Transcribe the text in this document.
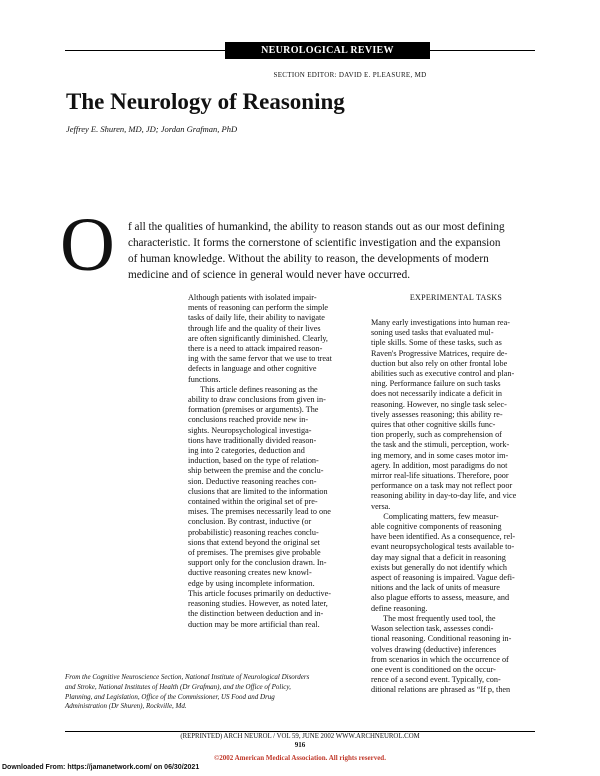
NEUROLOGICAL REVIEW
SECTION EDITOR: DAVID E. PLEASURE, MD
The Neurology of Reasoning
Jeffrey E. Shuren, MD, JD; Jordan Grafman, PhD
O f all the qualities of humankind, the ability to reason stands out as our most defining
characteristic. It forms the cornerstone of scientific investigation and the expansion
of human knowledge. Without the ability to reason, the developments of modern
medicine and of science in general would never have occurred.
Although patients with isolated impair-
ments of reasoning can perform the simple
tasks of daily life, their ability to navigate
through life and the quality of their lives
are often significantly diminished. Clearly,
there is a need to attack impaired reason-
ing with the same fervor that we use to treat
defects in language and other cognitive
functions.
This article defines reasoning as the
ability to draw conclusions from given in-
formation (premises or arguments). The
conclusions reached provide new in-
sights. Neuropsychological investiga-
tions have traditionally divided reason-
ing into 2 categories, deduction and
induction, based on the type of relation-
ship between the premise and the conclu-
sion. Deductive reasoning reaches con-
clusions that are limited to the information
contained within the original set of pre-
mises. The premises necessarily lead to one
conclusion. By contrast, inductive (or
probabilistic) reasoning reaches conclu-
sions that extend beyond the original set
of premises. The premises give probable
support only for the conclusion drawn. In-
ductive reasoning creates new knowl-
edge by using incomplete information.
This article focuses primarily on deductive-
reasoning studies. However, as noted later,
the distinction between deduction and in-
duction may be more artificial than real.
EXPERIMENTAL TASKS
Many early investigations into human rea-
soning used tasks that evaluated mul-
tiple skills. Some of these tasks, such as
Raven's Progressive Matrices, require de-
duction but also rely on other frontal lobe
abilities such as executive control and plan-
ning. Performance failure on such tasks
does not necessarily indicate a deficit in
reasoning. However, no single task selec-
tively assesses reasoning; this ability re-
quires that other cognitive skills func-
tion properly, such as comprehension of
the task and the stimuli, perception, work-
ing memory, and in some cases motor im-
agery. In addition, most paradigms do not
mirror real-life situations. Therefore, poor
performance on a task may not reflect poor
reasoning ability in day-to-day life, and vice
versa.
Complicating matters, few measur-
able cognitive components of reasoning
have been identified. As a consequence, rel-
evant neuropsychological tests available to-
day may signal that a deficit in reasoning
exists but generally do not identify which
aspect of reasoning is impaired. Vague defi-
nitions and the lack of units of measure
also plague efforts to assess, measure, and
define reasoning.
The most frequently used tool, the
Wason selection task, assesses condi-
tional reasoning. Conditional reasoning in-
volves drawing (deductive) inferences
from scenarios in which the occurrence of
one event is conditioned on the occur-
rence of a second event. Typically, con-
ditional relations are phrased as “If p, then
From the Cognitive Neuroscience Section, National Institute of Neurological Disorders
and Stroke, National Institutes of Health (Dr Grafman), and the Office of Policy,
Planning, and Legislation, Office of the Commissioner, US Food and Drug
Administration (Dr Shuren), Rockville, Md.
(REPRINTED) ARCH NEUROL / VOL 59, JUNE 2002 WWW.ARCHNEUROL.COM
916
©2002 American Medical Association. All rights reserved.
Downloaded From: https://jamanetwork.com/ on 06/30/2021
